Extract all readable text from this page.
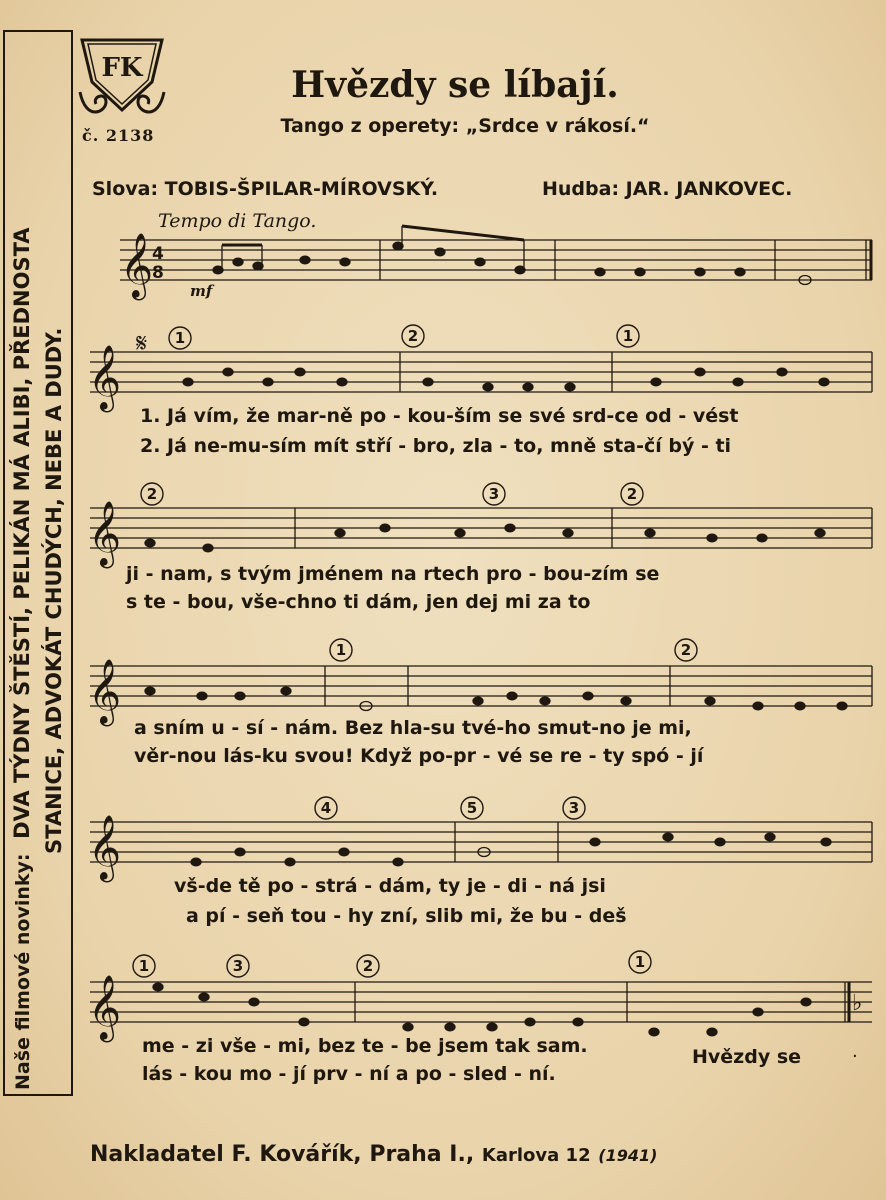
Naše filmové novinky:  DVA TÝDNY ŠTĚSTÍ, PELIKÁN MÁ ALIBI, PŘEDNOSTA STANICE, ADVOKÁT CHUDÝCH, NEBE A DUDY.
FK
č. 2138
Hvězdy se líbají.
Tango z operety: „Srdce v rákosí.“
Slova: TOBIS-ŠPILAR-MÍROVSKÝ.	Hudba: JAR. JANKOVEC.
Tempo di Tango.
mf
𝄞
𝄞
𝄞
𝄞
𝄞
𝄞
4
8
𝄋
♭
·
1	2	1
2	3	2
1	2
4	5	3
1	3	2	1
1. Já vím, že mar-ně po - kou-ším se své srd-ce od - vést
2. Já ne-mu-sím mít stří - bro, zla - to, mně sta-čí bý - ti
ji - nam, s tvým jménem na rtech pro - bou-zím se
s te - bou, vše-chno ti dám, jen dej mi za to
a sním u - sí - nám. Bez hla-su tvé-ho smut-no je mi,
věr-nou lás-ku svou! Když po-pr - vé se re - ty spó - jí
vš-de tě po - strá - dám, ty je - di - ná jsi
a pí - seň tou - hy zní, slib mi, že bu - deš
me - zi vše - mi, bez te - be jsem tak sam.
lás - kou mo - jí prv - ní a po - sled - ní.
Hvězdy se
Nakladatel F. Kovářík, Praha I., Karlova 12 (1941)
